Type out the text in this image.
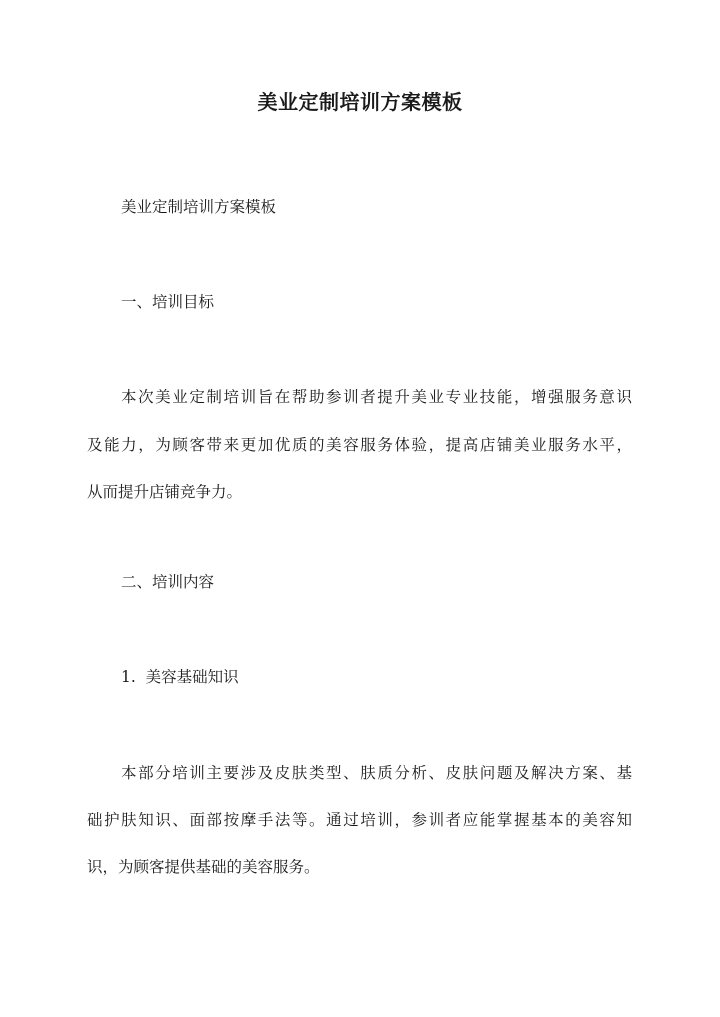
美业定制培训方案模板
美业定制培训方案模板
一、培训目标
本次美业定制培训旨在帮助参训者提升美业专业技能，增强服务意识
及能力，为顾客带来更加优质的美容服务体验，提高店铺美业服务水平，
从而提升店铺竞争力。
二、培训内容
1.  美容基础知识
本部分培训主要涉及皮肤类型、肤质分析、皮肤问题及解决方案、基
础护肤知识、面部按摩手法等。通过培训，参训者应能掌握基本的美容知
识，为顾客提供基础的美容服务。
